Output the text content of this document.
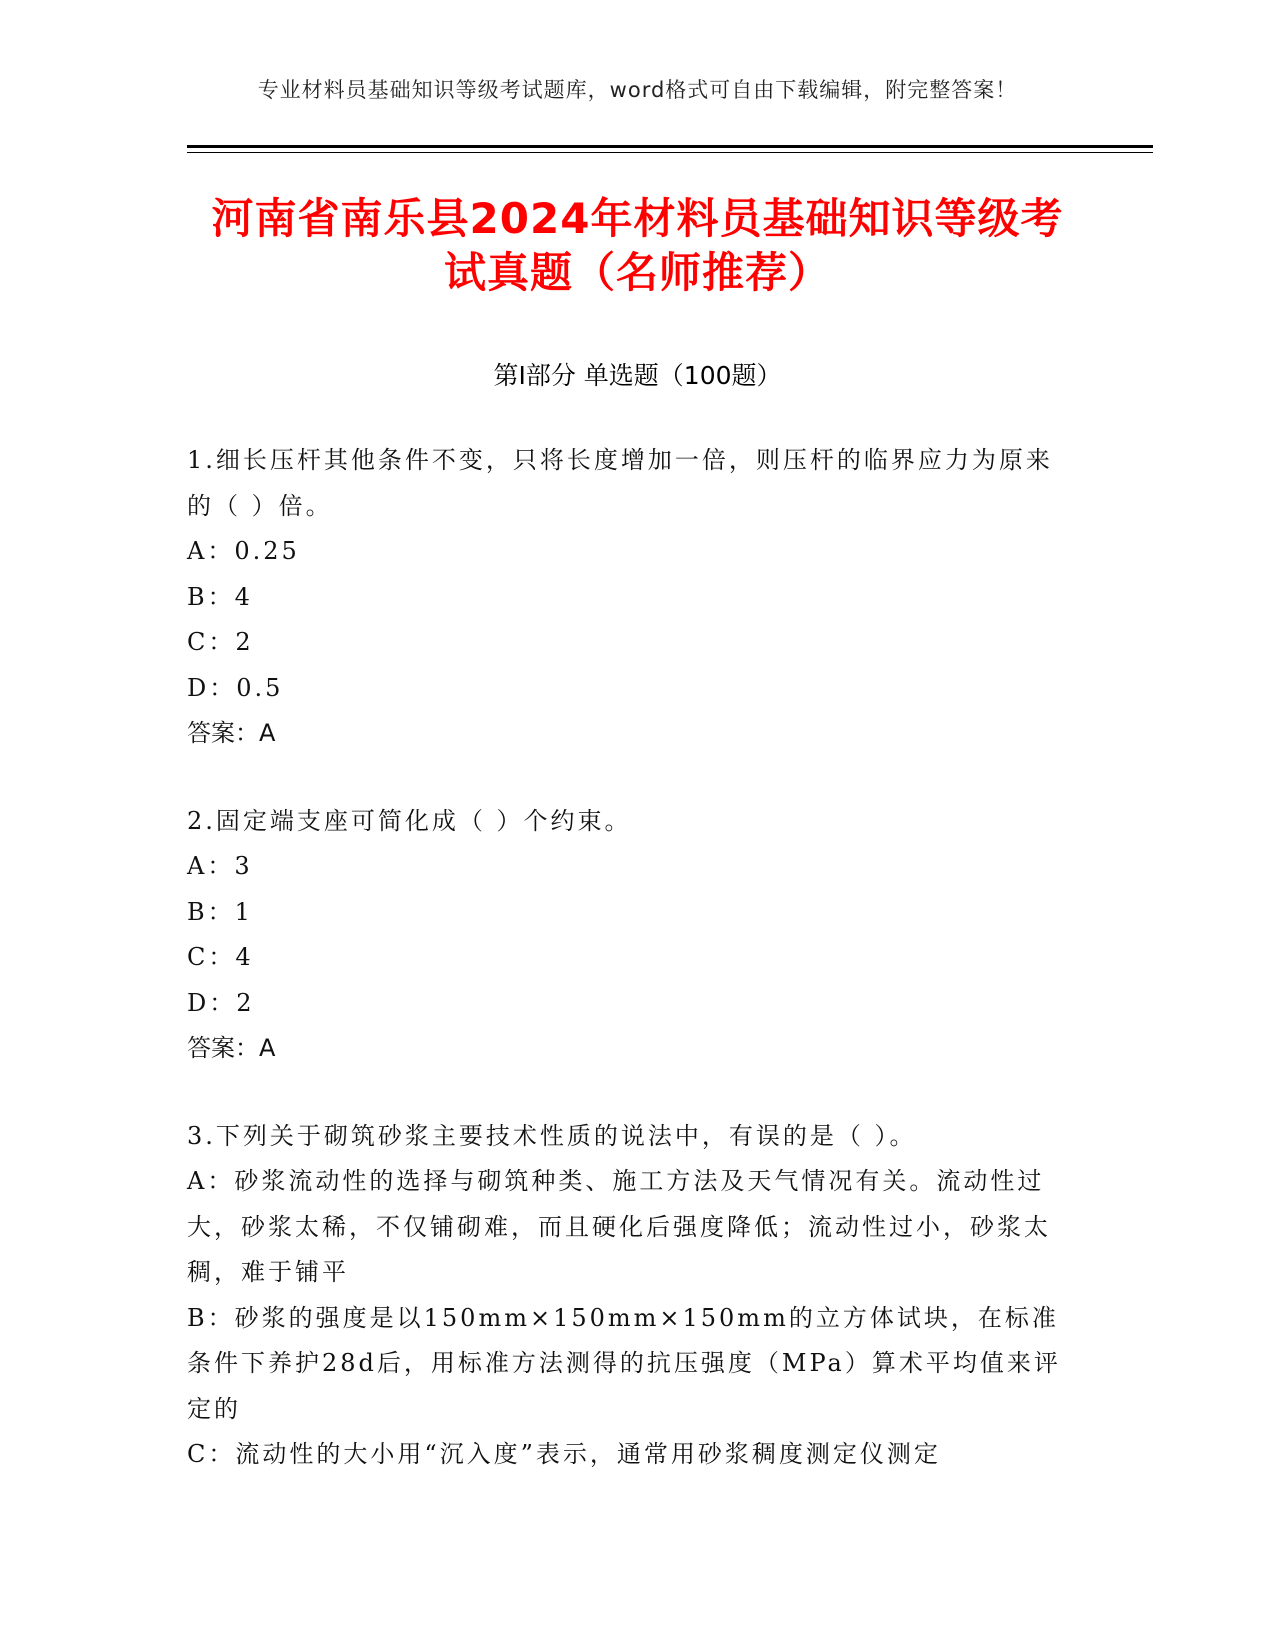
专业材料员基础知识等级考试题库，word格式可自由下载编辑，附完整答案！
河南省南乐县2024年材料员基础知识等级考
试真题（名师推荐）
第Ⅰ部分 单选题（100题）

1.细长压杆其他条件不变，只将长度增加一倍，则压杆的临界应力为原来的（ ）倍。

A：0.25

B：4

C：2

D：0.5

答案：A

2.固定端支座可简化成（ ）个约束。

A：3

B：1

C：4

D：2

答案：A

3.下列关于砌筑砂浆主要技术性质的说法中，有误的是（ ）。

A：砂浆流动性的选择与砌筑种类、施工方法及天气情况有关。流动性过大，砂浆太稀，不仅铺砌难，而且硬化后强度降低；流动性过小，砂浆太稠，难于铺平

B：砂浆的强度是以150mm×150mm×150mm的立方体试块，在标准条件下养护28d后，用标准方法测得的抗压强度（MPa）算术平均值来评定的

C：流动性的大小用“沉入度”表示，通常用砂浆稠度测定仪测定
